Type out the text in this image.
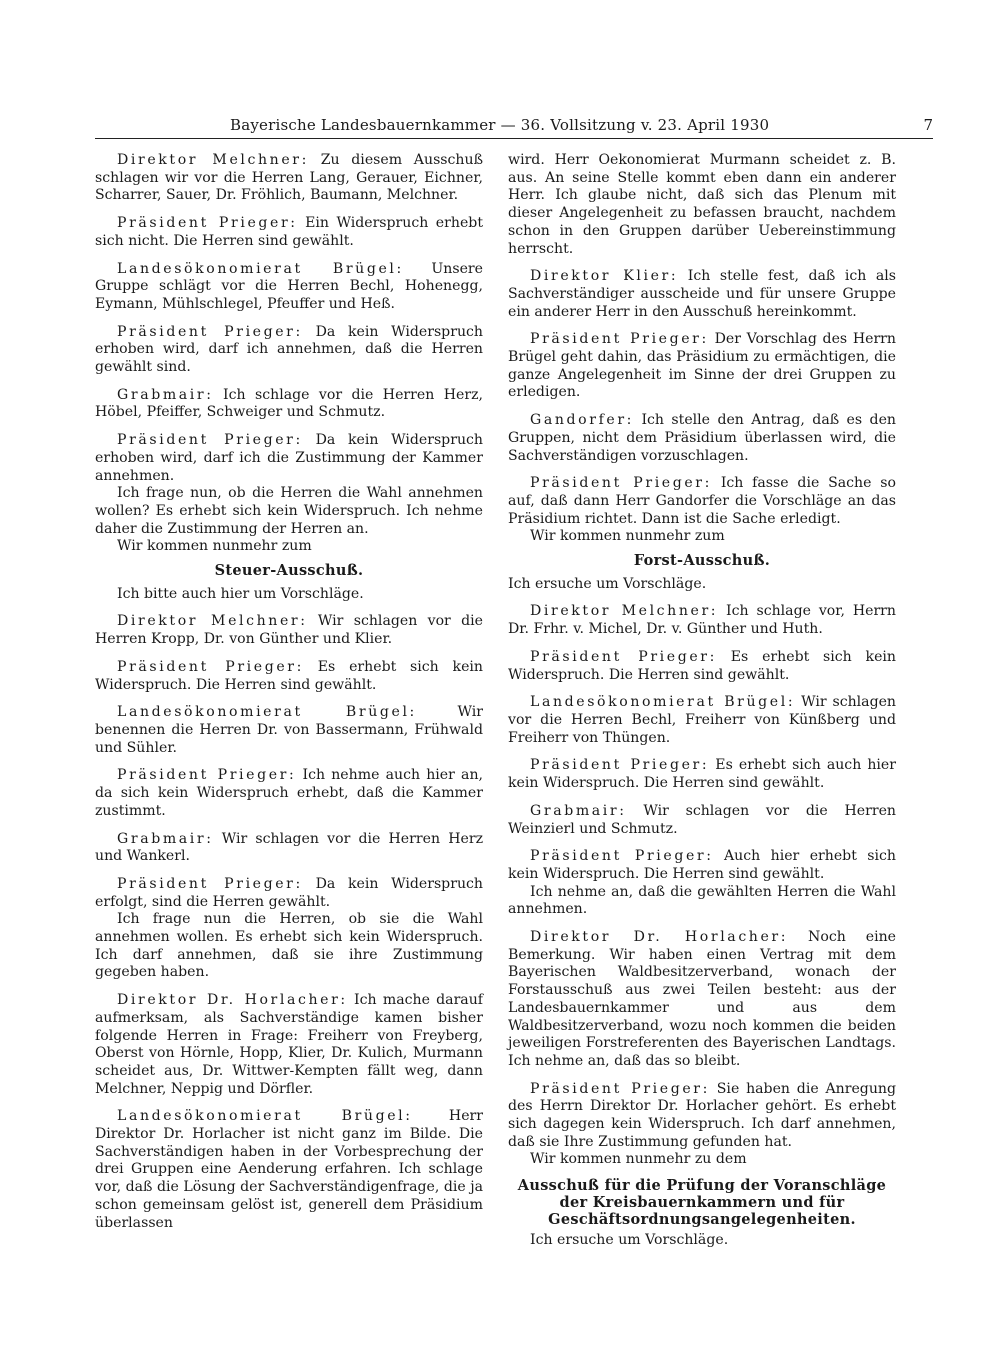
Bayerische Landesbauernkammer — 36. Vollsitzung v. 23. April 1930	7

Direktor Melchner: Zu diesem Ausschuß schlagen wir vor die Herren Lang, Gerauer, Eichner, Scharrer, Sauer, Dr. Fröhlich, Baumann, Melchner.

Präsident Prieger: Ein Widerspruch erhebt sich nicht. Die Herren sind gewählt.

Landesökonomierat Brügel: Unsere Gruppe schlägt vor die Herren Bechl, Hohenegg, Eymann, Mühlschlegel, Pfeuffer und Heß.

Präsident Prieger: Da kein Widerspruch erhoben wird, darf ich annehmen, daß die Herren gewählt sind.

Grabmair: Ich schlage vor die Herren Herz, Höbel, Pfeiffer, Schweiger und Schmutz.

Präsident Prieger: Da kein Widerspruch erhoben wird, darf ich die Zustimmung der Kammer annehmen.

Ich frage nun, ob die Herren die Wahl annehmen wollen? Es erhebt sich kein Widerspruch. Ich nehme daher die Zustimmung der Herren an.

Wir kommen nunmehr zum

Steuer-Ausschuß.

Ich bitte auch hier um Vorschläge.

Direktor Melchner: Wir schlagen vor die Herren Kropp, Dr. von Günther und Klier.

Präsident Prieger: Es erhebt sich kein Widerspruch. Die Herren sind gewählt.

Landesökonomierat Brügel:	Wir benennen die Herren Dr. von Bassermann, Frühwald und Sühler.

Präsident Prieger: Ich nehme auch hier an, da sich kein Widerspruch erhebt, daß die Kammer zustimmt.

Grabmair: Wir schlagen vor die Herren Herz und Wankerl.

Präsident Prieger: Da kein Widerspruch erfolgt, sind die Herren gewählt.

Ich frage nun die Herren, ob sie die Wahl annehmen wollen. Es erhebt sich kein Widerspruch. Ich darf annehmen, daß sie ihre Zustimmung gegeben haben.

Direktor Dr. Horlacher: Ich mache darauf aufmerksam, als Sachverständige kamen bisher folgende Herren in Frage: Freiherr von Freyberg, Oberst von Hörnle, Hopp, Klier, Dr. Kulich, Murmann scheidet aus, Dr. Wittwer-Kempten fällt weg, dann Melchner, Neppig und Dörfler.

Landesökonomierat Brügel:	Herr Direktor Dr. Horlacher ist nicht ganz im Bilde. Die Sachverständigen haben in der Vorbesprechung der drei Gruppen eine Aenderung erfahren. Ich schlage vor, daß die Lösung der Sachverständigenfrage, die ja schon gemeinsam gelöst ist, generell dem Präsidium überlassen

wird. Herr Oekonomierat Murmann scheidet z. B. aus. An seine Stelle kommt eben dann ein anderer Herr. Ich glaube nicht, daß sich das Plenum mit dieser Angelegenheit zu befassen braucht, nachdem schon in den Gruppen darüber Uebereinstimmung herrscht.

Direktor Klier: Ich stelle fest, daß ich als Sachverständiger ausscheide und für unsere Gruppe ein anderer Herr in den Ausschuß hereinkommt.

Präsident Prieger: Der Vorschlag des Herrn Brügel geht dahin, das Präsidium zu ermächtigen, die ganze Angelegenheit im Sinne der drei Gruppen zu erledigen.

Gandorfer: Ich stelle den Antrag, daß es den Gruppen, nicht dem Präsidium überlassen wird, die Sachverständigen vorzuschlagen.

Präsident Prieger: Ich fasse die Sache so auf, daß dann Herr Gandorfer die Vorschläge an das Präsidium richtet. Dann ist die Sache erledigt.

Wir kommen nunmehr zum

Forst-Ausschuß.

Ich ersuche um Vorschläge.

Direktor Melchner: Ich schlage vor, Herrn Dr. Frhr. v. Michel, Dr. v. Günther und Huth.

Präsident Prieger: Es erhebt sich kein Widerspruch. Die Herren sind gewählt.

Landesökonomierat Brügel: Wir schlagen vor die Herren Bechl, Freiherr von Künßberg und Freiherr von Thüngen.

Präsident Prieger: Es erhebt sich auch hier kein Widerspruch. Die Herren sind gewählt.

Grabmair: Wir schlagen vor die Herren Weinzierl und Schmutz.

Präsident Prieger: Auch hier erhebt sich kein Widerspruch. Die Herren sind gewählt.

Ich nehme an, daß die gewählten Herren die Wahl annehmen.

Direktor Dr. Horlacher: Noch eine Bemerkung. Wir haben einen Vertrag mit dem Bayerischen Waldbesitzerverband, wonach der Forstausschuß aus zwei Teilen besteht: aus der Landesbauernkammer und aus dem Waldbesitzerverband, wozu noch kommen die beiden jeweiligen Forstreferenten des Bayerischen Landtags. Ich nehme an, daß das so bleibt.

Präsident Prieger: Sie haben die Anregung des Herrn Direktor Dr. Horlacher gehört. Es erhebt sich dagegen kein Widerspruch. Ich darf annehmen, daß sie Ihre Zustimmung gefunden hat.

Wir kommen nunmehr zu dem

Ausschuß für die Prüfung der Voranschläge der Kreisbauernkammern und für Geschäftsordnungsangelegenheiten.

Ich ersuche um Vorschläge.
